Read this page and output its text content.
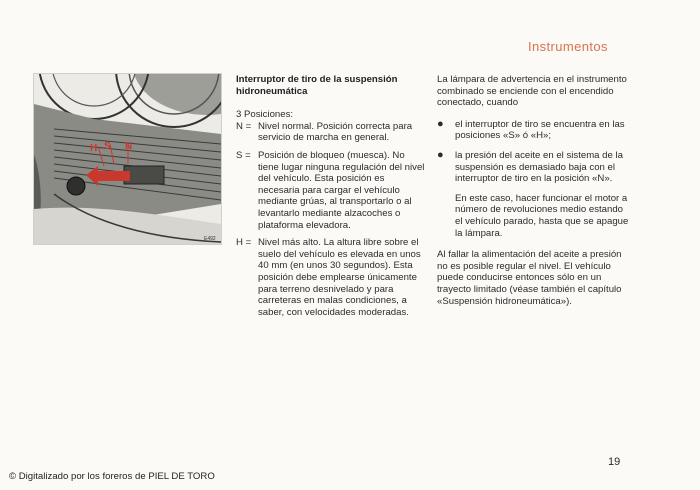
Instrumentos
H S N
E492
Interruptor de tiro de la suspensión hidroneumática
3 Posiciones:
N = Nivel normal. Posición correcta para servicio de marcha en general.
S = Posición de bloqueo (muesca). No tiene lugar ninguna regulación del nivel del vehículo. Esta posición es necesaria para cargar el vehículo mediante grúas, al transportarlo o al levantarlo mediante alzacoches o plataforma elevadora.
H = Nivel más alto. La altura libre sobre el suelo del vehículo es elevada en unos 40 mm (en unos 30 segundos). Esta posición debe emplearse únicamente para terreno desnivelado y para carreteras en malas condiciones, a saber, con velocidades moderadas.
La lámpara de advertencia en el instrumento combinado se enciende con el encendido conectado, cuando
●	el interruptor de tiro se encuentra en las posiciones «S» ó «H»;
●	la presión del aceite en el sistema de la suspensión es demasiado baja con el interruptor de tiro en la posición «N».
En este caso, hacer funcionar el motor a número de revoluciones medio estando el vehículo parado, hasta que se apague la lámpara.
Al fallar la alimentación del aceite a presión no es posible regular el nivel. El vehículo puede conducirse entonces sólo en un trayecto limitado (véase también el capítulo «Suspensión hidroneumática»).
19
© Digitalizado por los foreros de PIEL DE TORO
